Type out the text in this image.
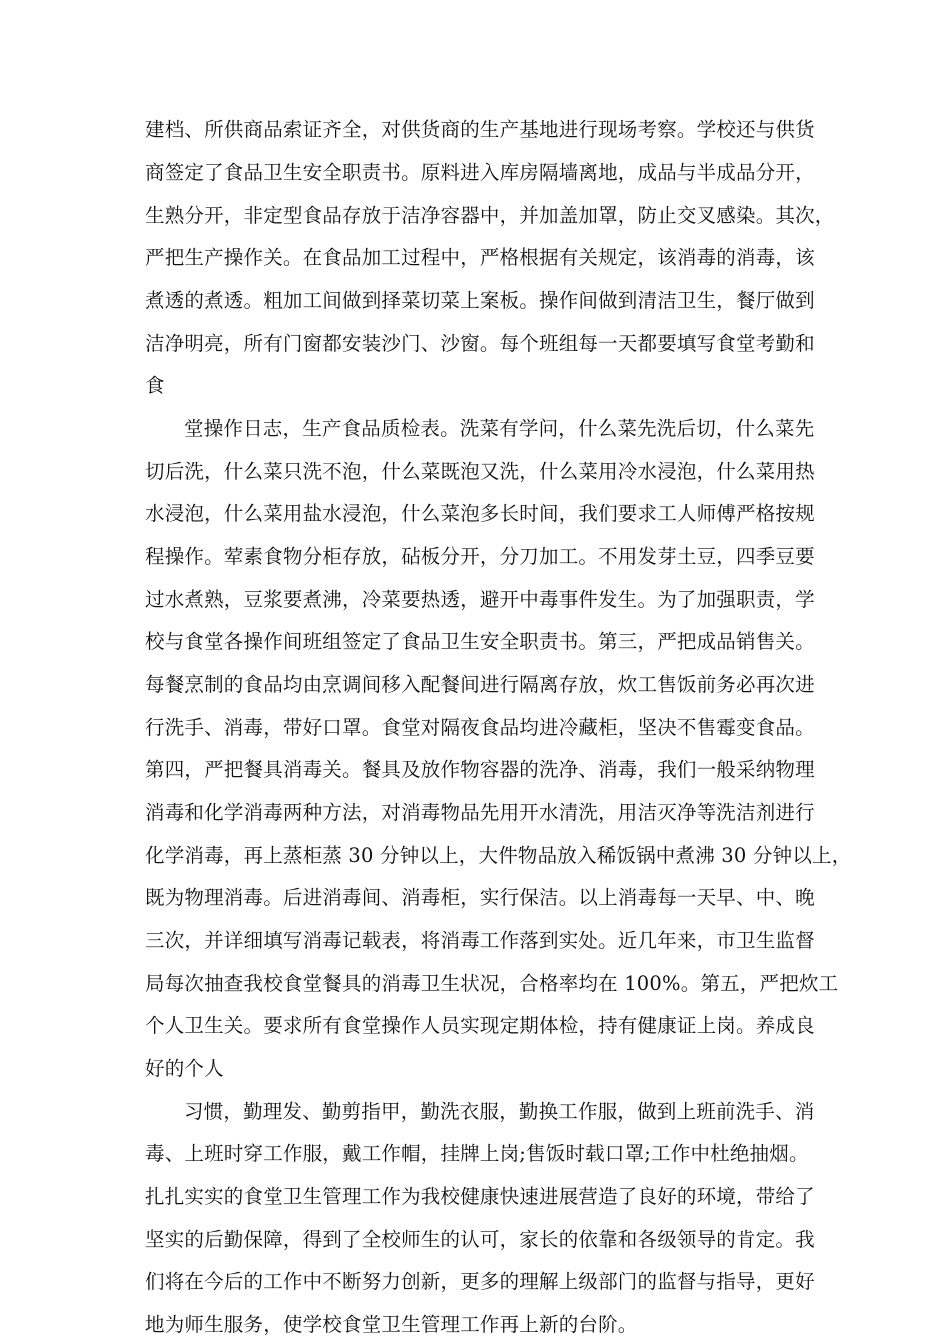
建档、所供商品索证齐全，对供货商的生产基地进行现场考察。学校还与供货
商签定了食品卫生安全职责书。原料进入库房隔墙离地，成品与半成品分开，
生熟分开，非定型食品存放于洁净容器中，并加盖加罩，防止交叉感染。其次，
严把生产操作关。在食品加工过程中，严格根据有关规定，该消毒的消毒，该
煮透的煮透。粗加工间做到择菜切菜上案板。操作间做到清洁卫生，餐厅做到
洁净明亮，所有门窗都安装沙门、沙窗。每个班组每一天都要填写食堂考勤和
食
堂操作日志，生产食品质检表。洗菜有学问，什么菜先洗后切，什么菜先
切后洗，什么菜只洗不泡，什么菜既泡又洗，什么菜用冷水浸泡，什么菜用热
水浸泡，什么菜用盐水浸泡，什么菜泡多长时间，我们要求工人师傅严格按规
程操作。荤素食物分柜存放，砧板分开，分刀加工。不用发芽土豆，四季豆要
过水煮熟，豆浆要煮沸，冷菜要热透，避开中毒事件发生。为了加强职责，学
校与食堂各操作间班组签定了食品卫生安全职责书。第三，严把成品销售关。
每餐烹制的食品均由烹调间移入配餐间进行隔离存放，炊工售饭前务必再次进
行洗手、消毒，带好口罩。食堂对隔夜食品均进冷藏柜，坚决不售霉变食品。
第四，严把餐具消毒关。餐具及放作物容器的洗净、消毒，我们一般采纳物理
消毒和化学消毒两种方法，对消毒物品先用开水清洗，用洁灭净等洗洁剂进行
化学消毒，再上蒸柜蒸 30 分钟以上，大件物品放入稀饭锅中煮沸 30 分钟以上，
既为物理消毒。后进消毒间、消毒柜，实行保洁。以上消毒每一天早、中、晚
三次，并详细填写消毒记载表，将消毒工作落到实处。近几年来，市卫生监督
局每次抽查我校食堂餐具的消毒卫生状况，合格率均在 100%。第五，严把炊工
个人卫生关。要求所有食堂操作人员实现定期体检，持有健康证上岗。养成良
好的个人
习惯，勤理发、勤剪指甲，勤洗衣服，勤换工作服，做到上班前洗手、消
毒、上班时穿工作服，戴工作帽，挂牌上岗;售饭时载口罩;工作中杜绝抽烟。
扎扎实实的食堂卫生管理工作为我校健康快速进展营造了良好的环境，带给了
坚实的后勤保障，得到了全校师生的认可，家长的依靠和各级领导的肯定。我
们将在今后的工作中不断努力创新，更多的理解上级部门的监督与指导，更好
地为师生服务，使学校食堂卫生管理工作再上新的台阶。
